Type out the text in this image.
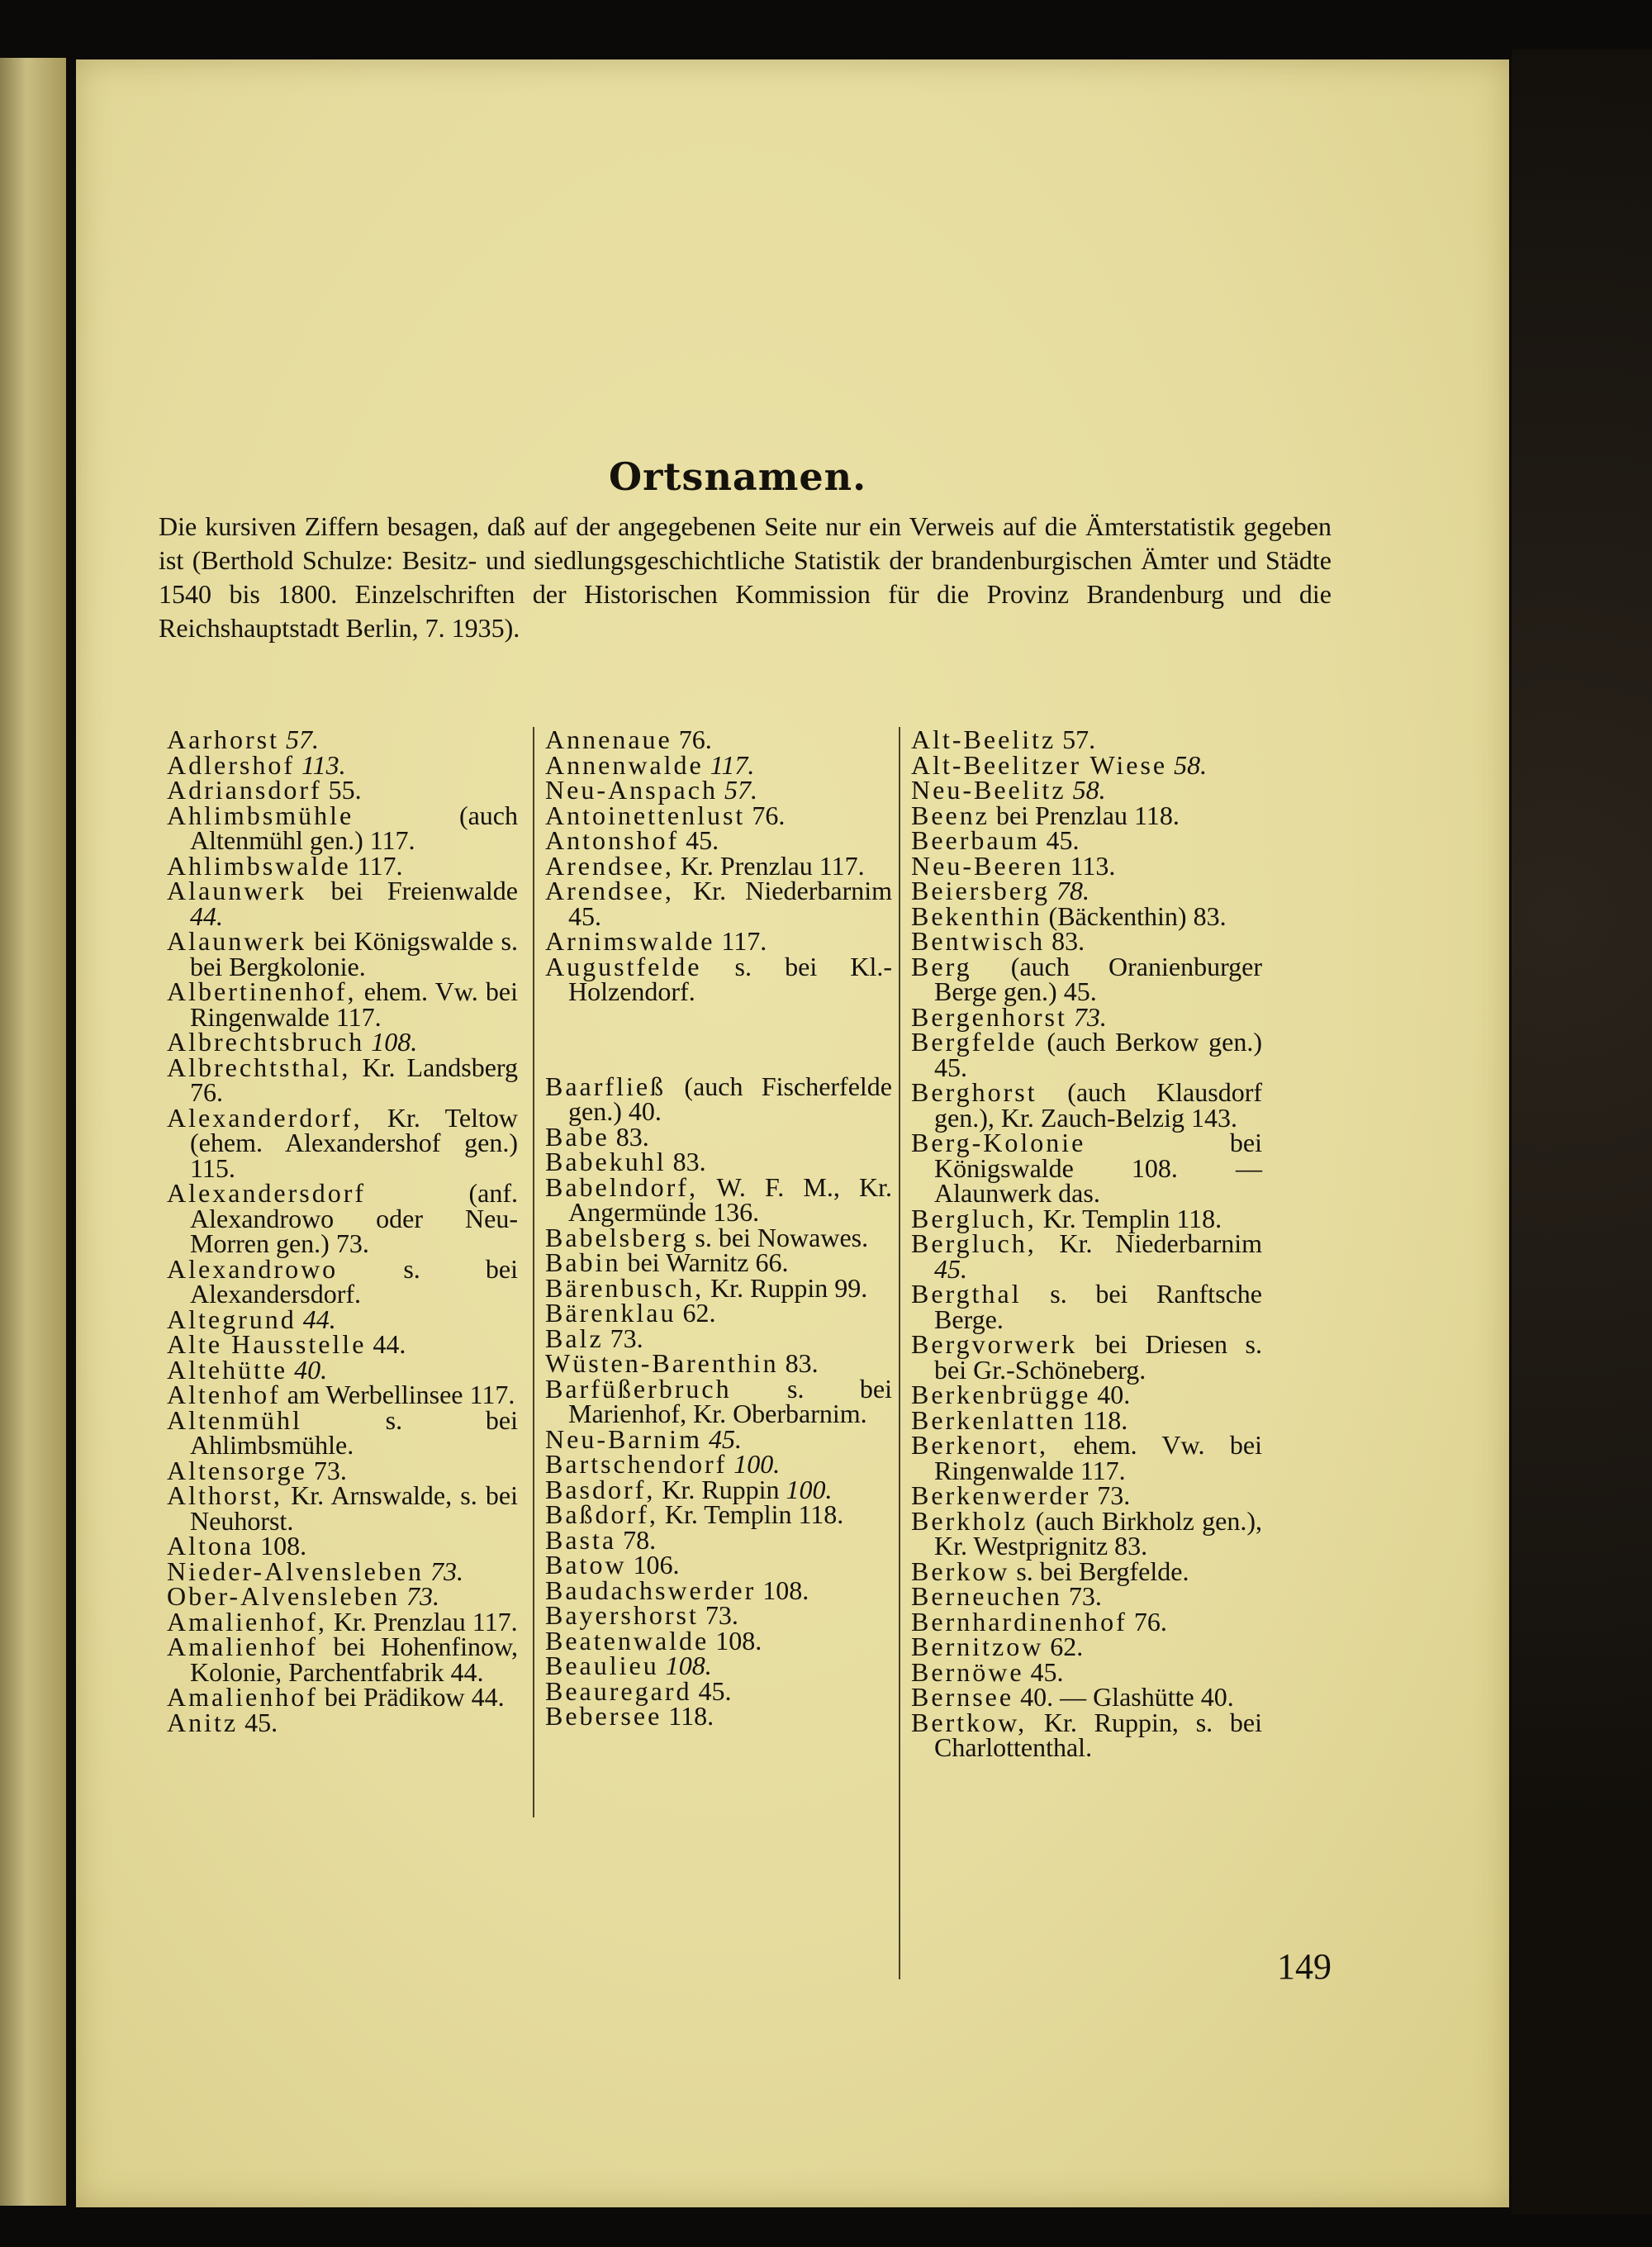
Ortsnamen.
Die kursiven Ziffern besagen, daß auf der angegebenen Seite nur ein Verweis auf die Ämterstatistik gegeben ist (Berthold Schulze: Besitz- und siedlungsgeschichtliche Statistik der brandenburgischen Ämter und Städte 1540 bis 1800. Einzelschriften der Historischen Kommission für die Provinz Brandenburg und die Reichshauptstadt Berlin, 7. 1935).

Aarhorst 57.

Adlershof 113.

Adriansdorf 55.

Ahlimbsmühle	(auch Altenmühl gen.) 117.

Ahlimbswalde 117.

Alaunwerk bei Freienwalde 44.

Alaunwerk bei Königswalde s. bei Bergkolonie.

Albertinenhof, ehem. Vw. bei Ringenwalde 117.

Albrechtsbruch 108.

Albrechtsthal, Kr. Landsberg 76.

Alexanderdorf, Kr. Teltow (ehem. Alexandershof gen.) 115.

Alexandersdorf	(anf. Alexandrowo oder Neu-Morren gen.) 73.

Alexandrowo s. bei Alexandersdorf.

Altegrund 44.

Alte Hausstelle 44.

Altehütte 40.

Altenhof am Werbellinsee 117.

Altenmühl	s. bei Ahlimbsmühle.

Altensorge 73.

Althorst, Kr. Arnswalde, s. bei Neuhorst.

Altona 108.

Nieder-Alvensleben 73.

Ober-Alvensleben 73.

Amalienhof, Kr. Prenzlau 117.

Amalienhof bei Hohenfinow, Kolonie, Parchentfabrik 44.

Amalienhof bei Prädikow 44.

Anitz 45.

Annenaue 76.

Annenwalde 117.

Neu-Anspach 57.

Antoinettenlust 76.

Antonshof 45.

Arendsee, Kr. Prenzlau 117.

Arendsee, Kr. Niederbarnim 45.

Arnimswalde 117.

Augustfelde s. bei Kl.-Holzendorf.

Baarfließ (auch Fischerfelde gen.) 40.

Babe 83.

Babekuhl 83.

Babelndorf, W. F. M., Kr. Angermünde 136.

Babelsberg s. bei Nowawes.

Babin bei Warnitz 66.

Bärenbusch, Kr. Ruppin 99.

Bärenklau 62.

Balz 73.

Wüsten-Barenthin 83.

Barfüßerbruch s. bei Marienhof, Kr. Oberbarnim.

Neu-Barnim 45.

Bartschendorf 100.

Basdorf, Kr. Ruppin 100.

Baßdorf, Kr. Templin 118.

Basta 78.

Batow 106.

Baudachswerder 108.

Bayershorst 73.

Beatenwalde 108.

Beaulieu 108.

Beauregard 45.

Bebersee 118.

Alt-Beelitz 57.

Alt-Beelitzer Wiese 58.

Neu-Beelitz 58.

Beenz bei Prenzlau 118.

Beerbaum 45.

Neu-Beeren 113.

Beiersberg 78.

Bekenthin (Bäckenthin) 83.

Bentwisch 83.

Berg (auch Oranienburger Berge gen.) 45.

Bergenhorst 73.

Bergfelde (auch Berkow gen.) 45.

Berghorst (auch Klausdorf gen.), Kr. Zauch-Belzig 143.

Berg-Kolonie	bei Königswalde 108. — Alaunwerk das.

Bergluch, Kr. Templin 118.

Bergluch, Kr. Niederbarnim 45.

Bergthal s. bei Ranftsche Berge.

Bergvorwerk bei Driesen s. bei Gr.-Schöneberg.

Berkenbrügge 40.

Berkenlatten 118.

Berkenort, ehem. Vw. bei Ringenwalde 117.

Berkenwerder 73.

Berkholz (auch Birkholz gen.), Kr. Westprignitz 83.

Berkow s. bei Bergfelde.

Berneuchen 73.

Bernhardinenhof 76.

Bernitzow 62.

Bernöwe 45.

Bernsee 40. — Glashütte 40.

Bertkow, Kr. Ruppin, s. bei Charlottenthal.

149
